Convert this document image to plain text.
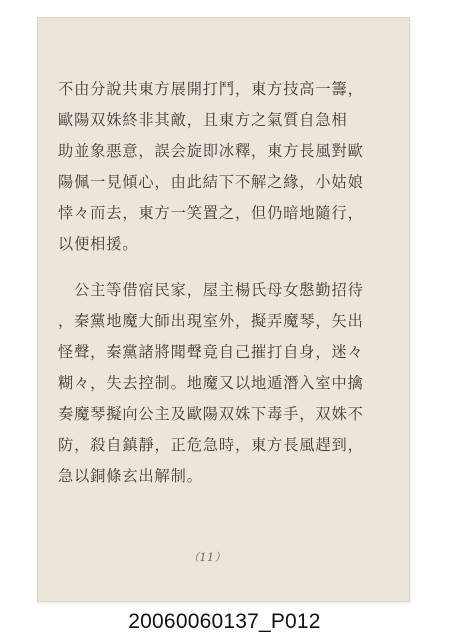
不由分說共東方展開打鬥，東方技高一籌，
歐陽双姝終非其敵，且東方之氣質自急相
助並象悪意，誤会旋即冰釋，東方長風對歐
陽佩一見傾心，由此結下不解之緣，小姑娘
悻々而去，東方一笑置之，但仍暗地隨行，
以便相援。
　公主等借宿民家，屋主楊氏母女慇勤招待
，秦黨地魔大師出現室外，擬弄魔琴，矢出
怪聲，秦黨諸將聞聲竟自己摧打自身，迷々
糊々，失去控制。地魔又以地遁潛入室中擒
奏魔琴擬向公主及歐陽双姝下毒手，双姝不
防，殺自鎮靜，正危急時，東方長風趕到，
急以銅條玄出解制。
（11）
20060060137_P012
